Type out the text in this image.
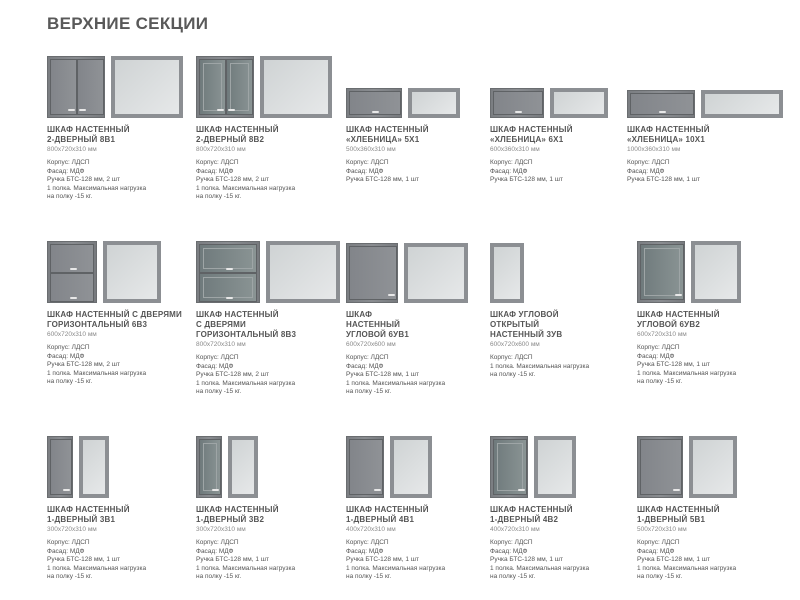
ВЕРХНИЕ СЕКЦИИ
ШКАФ НАСТЕННЫЙ
2-ДВЕРНЫЙ 8В1
800х720х310 мм
Корпус: ЛДСП
Фасад: МДФ
Ручка БТС-128 мм, 2 шт
1 полка. Максимальная нагрузка
на полку -15 кг.
ШКАФ НАСТЕННЫЙ
2-ДВЕРНЫЙ 8В2
800х720х310 мм
Корпус: ЛДСП
Фасад: МДФ
Ручка БТС-128 мм, 2 шт
1 полка. Максимальная нагрузка
на полку -15 кг.
ШКАФ НАСТЕННЫЙ
«ХЛЕБНИЦА» 5Х1
500х360х310 мм
Корпус: ЛДСП
Фасад: МДФ
Ручка БТС-128 мм, 1 шт
ШКАФ НАСТЕННЫЙ
«ХЛЕБНИЦА» 6Х1
600х360х310 мм
Корпус: ЛДСП
Фасад: МДФ
Ручка БТС-128 мм, 1 шт
ШКАФ НАСТЕННЫЙ
«ХЛЕБНИЦА» 10Х1
1000х360х310 мм
Корпус: ЛДСП
Фасад: МДФ
Ручка БТС-128 мм, 1 шт
ШКАФ НАСТЕННЫЙ С ДВЕРЯМИ
ГОРИЗОНТАЛЬНЫЙ 6В3
600х720х310 мм
Корпус: ЛДСП
Фасад: МДФ
Ручка БТС-128 мм, 2 шт
1 полка. Максимальная нагрузка
на полку -15 кг.
ШКАФ НАСТЕННЫЙ
С ДВЕРЯМИ
ГОРИЗОНТАЛЬНЫЙ 8В3
800х720х310 мм
Корпус: ЛДСП
Фасад: МДФ
Ручка БТС-128 мм, 2 шт
1 полка. Максимальная нагрузка
на полку -15 кг.
ШКАФ
НАСТЕННЫЙ
УГЛОВОЙ 6УВ1
600х720х600 мм
Корпус: ЛДСП
Фасад: МДФ
Ручка БТС-128 мм, 1 шт
1 полка. Максимальная нагрузка
на полку -15 кг.
ШКАФ УГЛОВОЙ
ОТКРЫТЫЙ
НАСТЕННЫЙ 3УВ
600х720х600 мм
Корпус: ЛДСП
1 полка. Максимальная нагрузка
на полку -15 кг.
ШКАФ НАСТЕННЫЙ
УГЛОВОЙ 6УВ2
600х720х310 мм
Корпус: ЛДСП
Фасад: МДФ
Ручка БТС-128 мм, 1 шт
1 полка. Максимальная нагрузка
на полку -15 кг.
ШКАФ НАСТЕННЫЙ
1-ДВЕРНЫЙ 3В1
300х720х310 мм
Корпус: ЛДСП
Фасад: МДФ
Ручка БТС-128 мм, 1 шт
1 полка. Максимальная нагрузка
на полку -15 кг.
ШКАФ НАСТЕННЫЙ
1-ДВЕРНЫЙ 3В2
300х720х310 мм
Корпус: ЛДСП
Фасад: МДФ
Ручка БТС-128 мм, 1 шт
1 полка. Максимальная нагрузка
на полку -15 кг.
ШКАФ НАСТЕННЫЙ
1-ДВЕРНЫЙ 4В1
400х720х310 мм
Корпус: ЛДСП
Фасад: МДФ
Ручка БТС-128 мм, 1 шт
1 полка. Максимальная нагрузка
на полку -15 кг.
ШКАФ НАСТЕННЫЙ
1-ДВЕРНЫЙ 4В2
400х720х310 мм
Корпус: ЛДСП
Фасад: МДФ
Ручка БТС-128 мм, 1 шт
1 полка. Максимальная нагрузка
на полку -15 кг.
ШКАФ НАСТЕННЫЙ
1-ДВЕРНЫЙ 5В1
500х720х310 мм
Корпус: ЛДСП
Фасад: МДФ
Ручка БТС-128 мм, 1 шт
1 полка. Максимальная нагрузка
на полку -15 кг.
